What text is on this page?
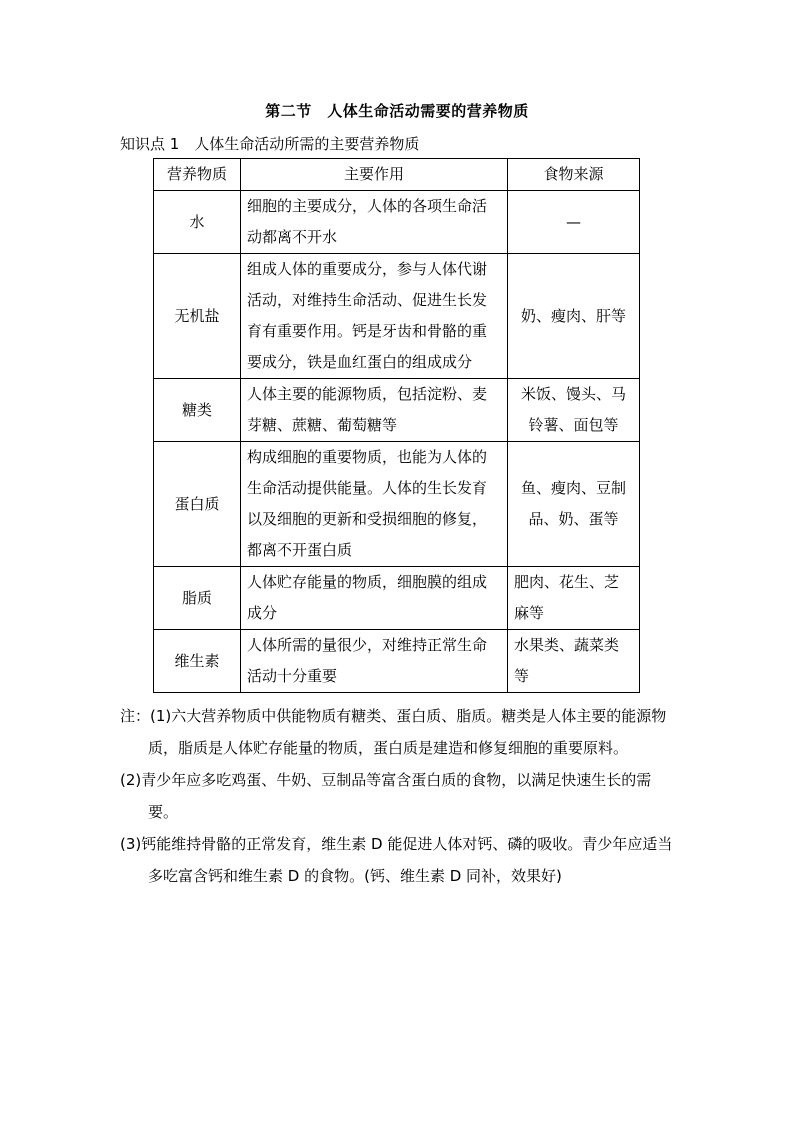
第二节　人体生命活动需要的营养物质
知识点 1　人体生命活动所需的主要营养物质
营养物质	主要作用	食物来源
水	细胞的主要成分，人体的各项生命活动都离不开水	—
无机盐	组成人体的重要成分，参与人体代谢活动，对维持生命活动、促进生长发育有重要作用。钙是牙齿和骨骼的重要成分，铁是血红蛋白的组成成分	奶、瘦肉、肝等
糖类	人体主要的能源物质，包括淀粉、麦芽糖、蔗糖、葡萄糖等	米饭、馒头、马铃薯、面包等
蛋白质	构成细胞的重要物质，也能为人体的生命活动提供能量。人体的生长发育以及细胞的更新和受损细胞的修复，都离不开蛋白质	鱼、瘦肉、豆制品、奶、蛋等
脂质	人体贮存能量的物质，细胞膜的组成成分	肥肉、花生、芝麻等
维生素	人体所需的量很少，对维持正常生命活动十分重要	水果类、蔬菜类等

注：(1)六大营养物质中供能物质有糖类、蛋白质、脂质。糖类是人体主要的能源物质，脂质是人体贮存能量的物质，蛋白质是建造和修复细胞的重要原料。

(2)青少年应多吃鸡蛋、牛奶、豆制品等富含蛋白质的食物，以满足快速生长的需要。

(3)钙能维持骨骼的正常发育，维生素 D 能促进人体对钙、磷的吸收。青少年应适当多吃富含钙和维生素 D 的食物。(钙、维生素 D 同补，效果好)
